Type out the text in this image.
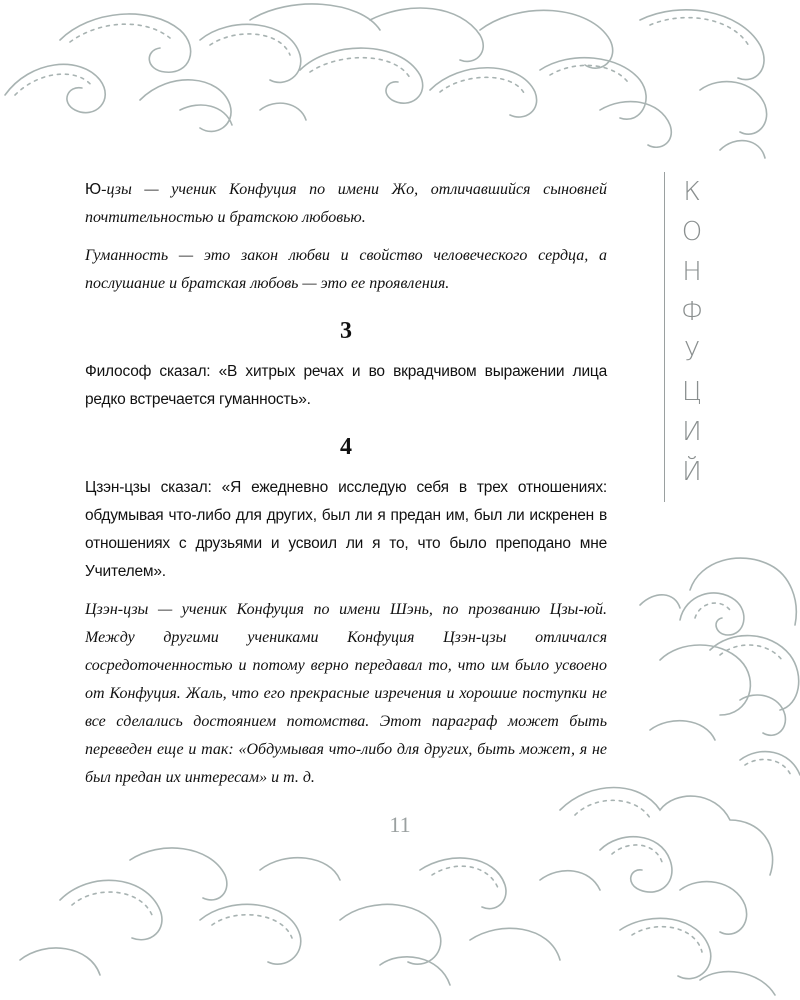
К
О
Н
Ф
У
Ц
И
Й

Ю-цзы — ученик Конфуция по имени Жо, отличавшийся сыновней почтительностью и братскою любовью.

Гуманность — это закон любви и свойство человеческого сердца, а послушание и братская любовь — это ее проявления.

3

Философ сказал: «В хитрых речах и во вкрадчивом выражении лица редко встречается гуманность».

4

Цзэн-цзы сказал: «Я ежедневно исследую себя в трех отношениях: обдумывая что-либо для других, был ли я предан им, был ли искренен в отношениях с друзьями и усвоил ли я то, что было преподано мне Учителем».

Цзэн-цзы — ученик Конфуция по имени Шэнь, по прозванию Цзы-юй. Между другими учениками Конфуция Цзэн-цзы отличался сосредоточенностью и потому верно передавал то, что им было усвоено от Конфуция. Жаль, что его прекрасные изречения и хорошие поступки не все сделались достоянием потомства. Этот параграф может быть переведен еще и так: «Обдумывая что-либо для других, быть может, я не был предан их интересам» и т. д.

11
